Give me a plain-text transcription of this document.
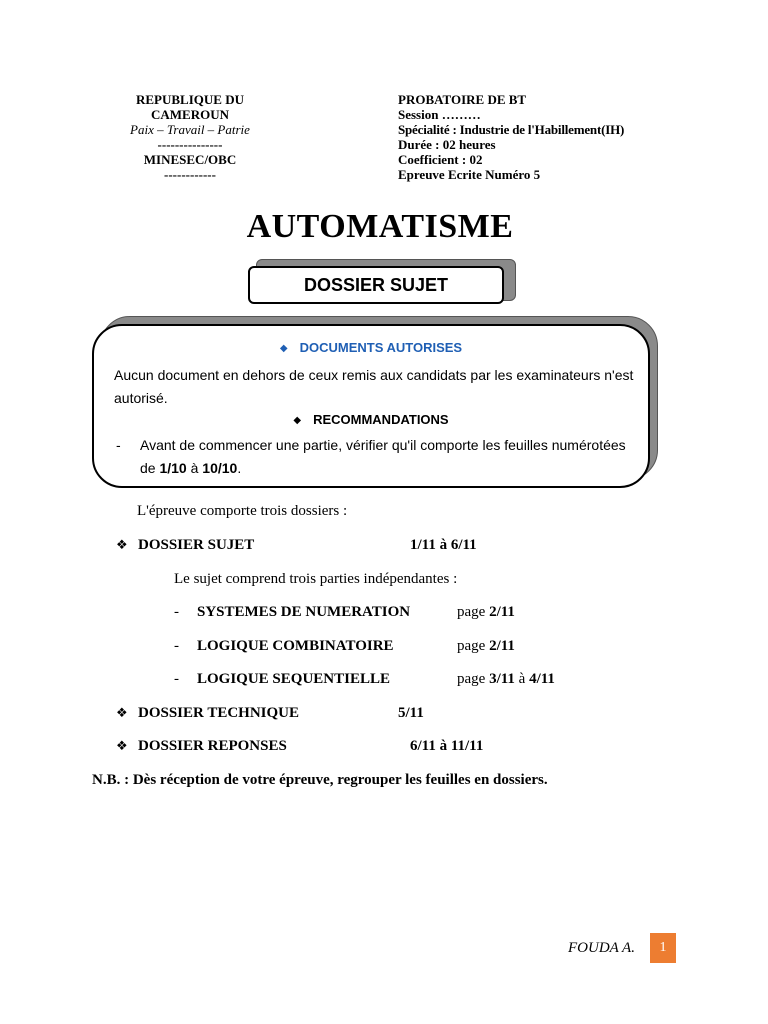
REPUBLIQUE DU
CAMEROUN
Paix – Travail – Patrie
---------------
MINESEC/OBC
------------
PROBATOIRE DE BT
Session ………
Spécialité : Industrie de l'Habillement(IH)
Durée : 02 heures
Coefficient : 02
Epreuve Ecrite Numéro 5
AUTOMATISME
DOSSIER SUJET
◆ DOCUMENTS AUTORISES
Aucun document en dehors de ceux remis aux candidats par les examinateurs n'est autorisé.
◆ RECOMMANDATIONS
- Avant de commencer une partie, vérifier qu'il comporte les feuilles numérotées de 1/10 à 10/10.
L'épreuve comporte trois dossiers :
❖ DOSSIER SUJET	1/11 à 6/11
Le sujet comprend trois parties indépendantes :
- SYSTEMES DE NUMERATION	page 2/11
- LOGIQUE COMBINATOIRE	page 2/11
- LOGIQUE SEQUENTIELLE	page 3/11 à 4/11
❖ DOSSIER TECHNIQUE	5/11
❖ DOSSIER REPONSES	6/11 à 11/11
N.B. : Dès réception de votre épreuve, regrouper les feuilles en dossiers.
FOUDA A.	1
